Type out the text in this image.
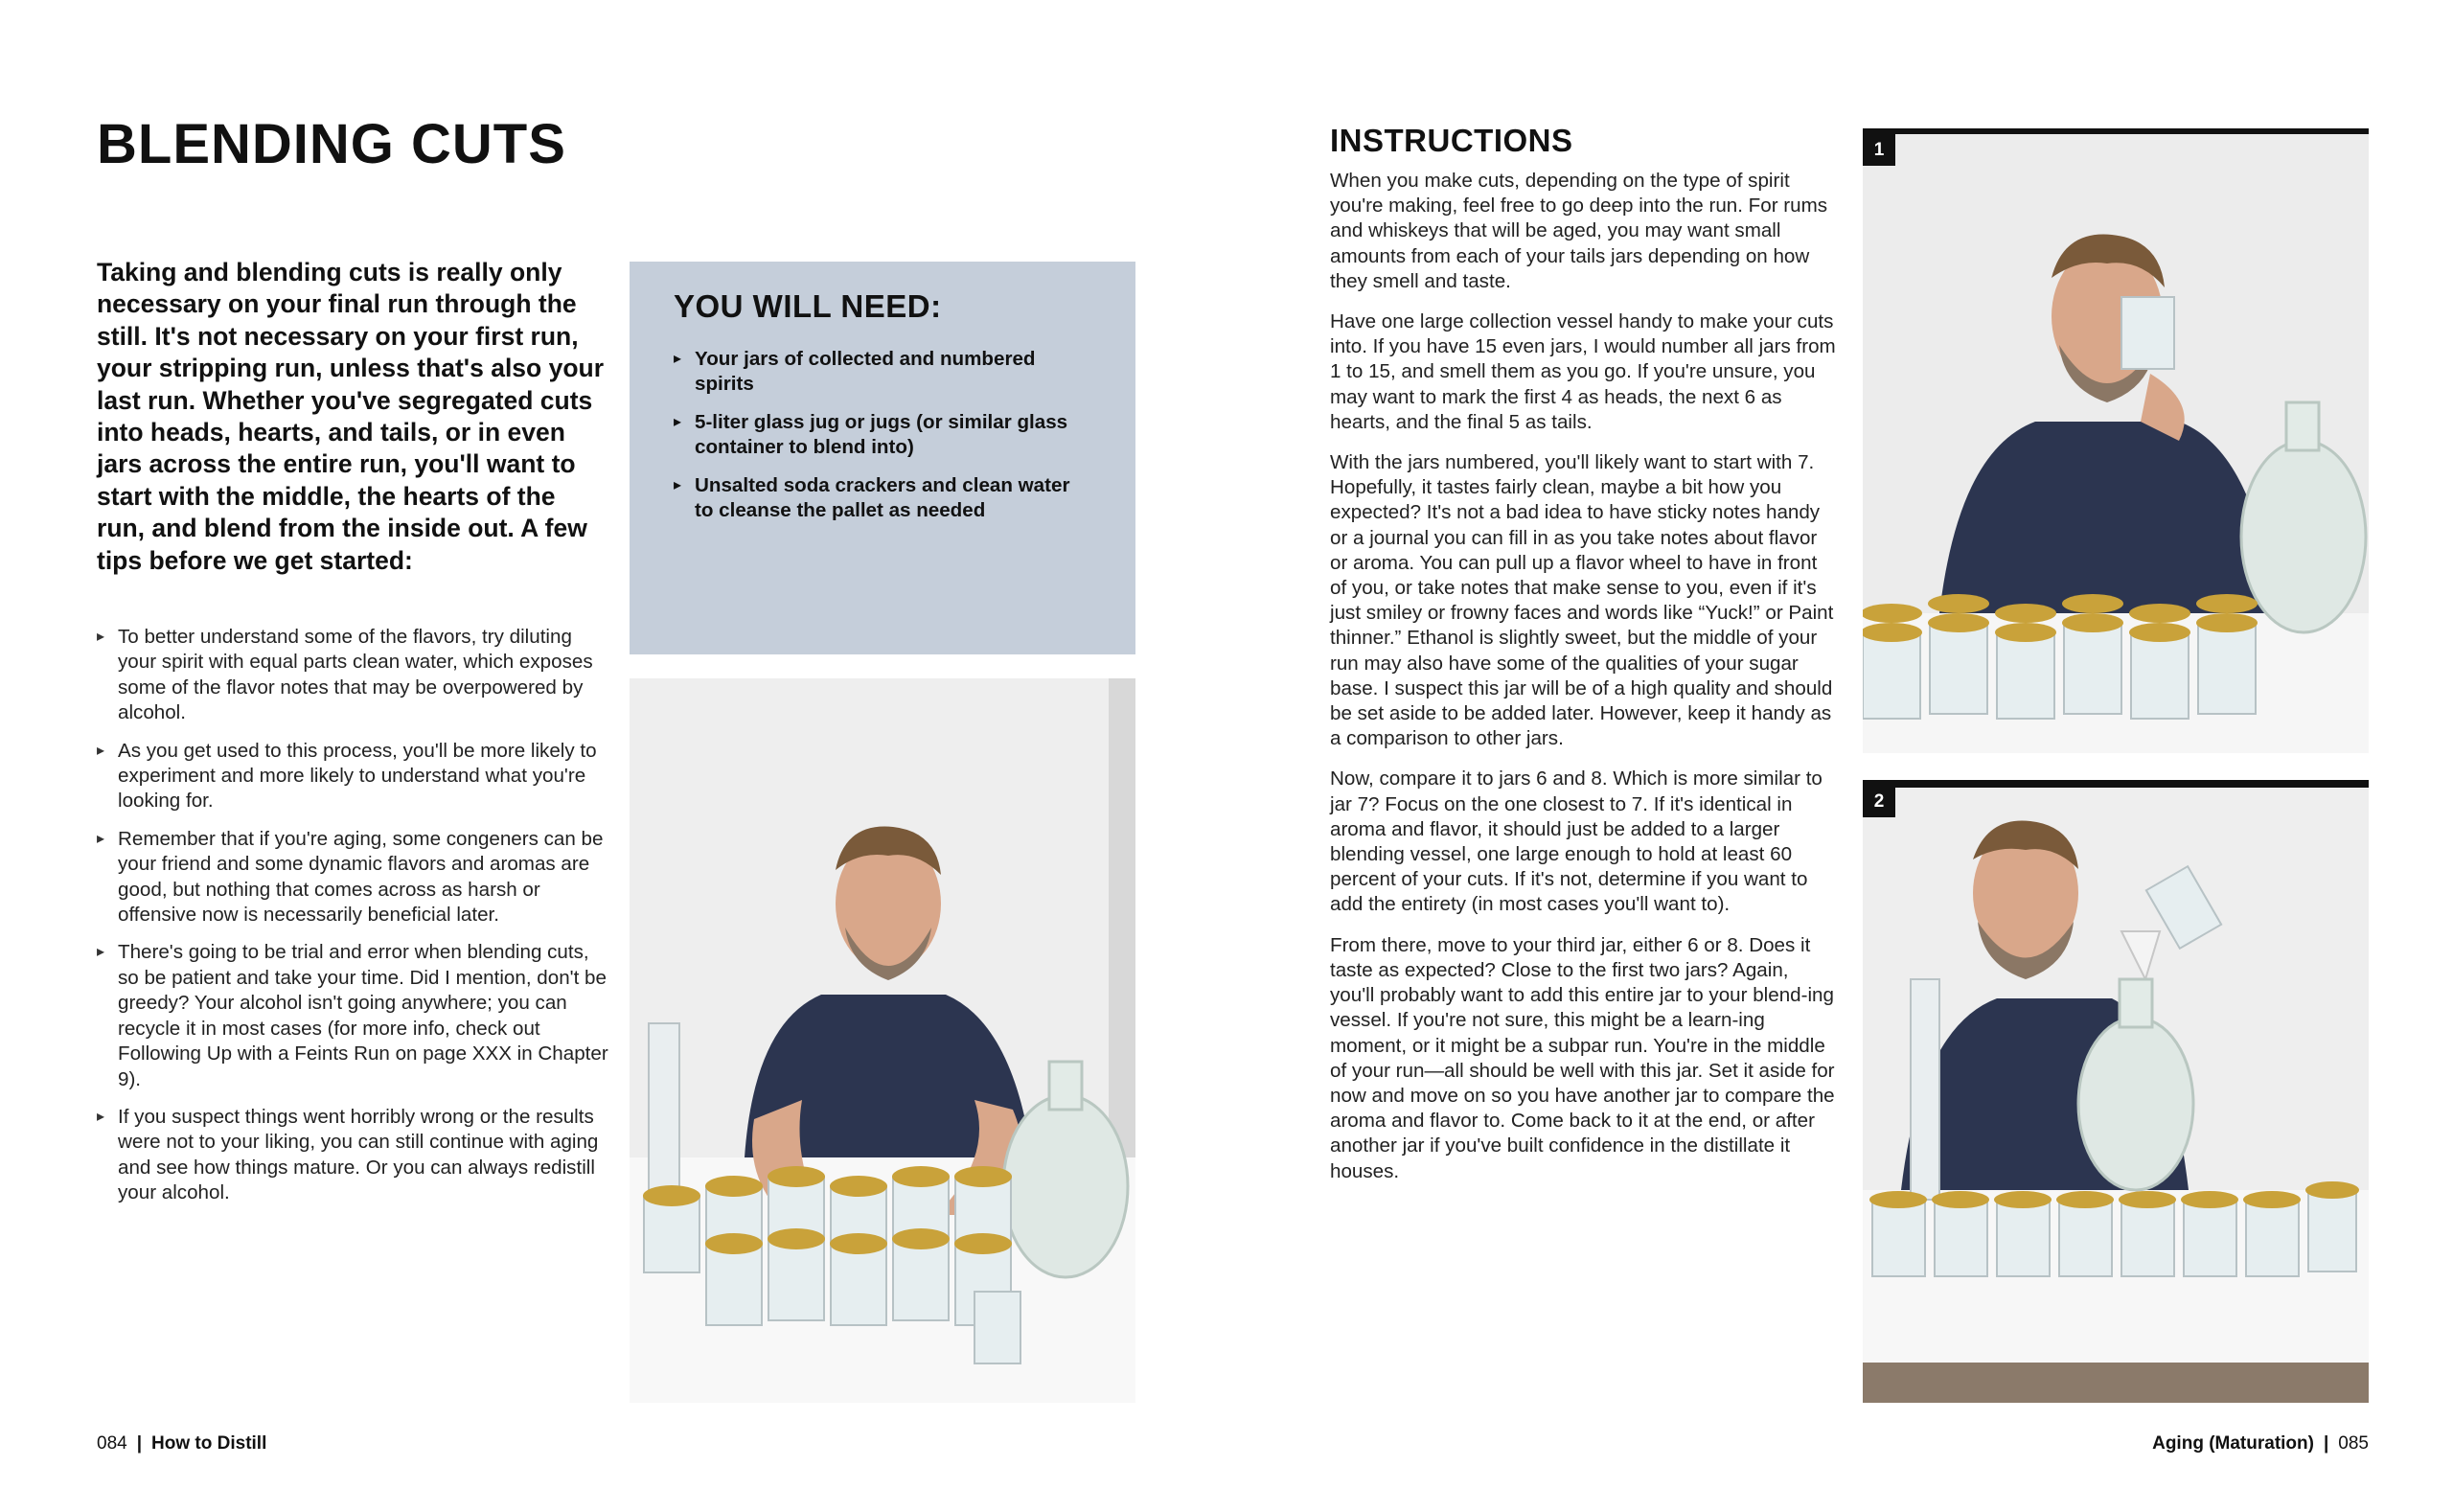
BLENDING CUTS

Taking and blending cuts is really only necessary on your final run through the still. It's not necessary on your first run, your stripping run, unless that's also your last run. Whether you've segregated cuts into heads, hearts, and tails, or in even jars across the entire run, you'll want to start with the middle, the hearts of the run, and blend from the inside out. A few tips before we get started:

▸ To better understand some of the flavors, try diluting your spirit with equal parts clean water, which exposes some of the flavor notes that may be overpowered by alcohol.
▸ As you get used to this process, you'll be more likely to experiment and more likely to understand what you're looking for.
▸ Remember that if you're aging, some congeners can be your friend and some dynamic flavors and aromas are good, but nothing that comes across as harsh or offensive now is necessarily beneficial later.
▸ There's going to be trial and error when blending cuts, so be patient and take your time. Did I mention, don't be greedy? Your alcohol isn't going anywhere; you can recycle it in most cases (for more info, check out Following Up with a Feints Run on page XXX in Chapter 9).
▸ If you suspect things went horribly wrong or the results were not to your liking, you can still continue with aging and see how things mature. Or you can always redistill your alcohol.
YOU WILL NEED:
▸ Your jars of collected and numbered spirits
▸ 5-liter glass jug or jugs (or similar glass container to blend into)
▸ Unsalted soda crackers and clean water to cleanse the pallet as needed
INSTRUCTIONS

When you make cuts, depending on the type of spirit you're making, feel free to go deep into the run. For rums and whiskeys that will be aged, you may want small amounts from each of your tails jars depending on how they smell and taste.

Have one large collection vessel handy to make your cuts into. If you have 15 even jars, I would number all jars from 1 to 15, and smell them as you go. If you're unsure, you may want to mark the first 4 as heads, the next 6 as hearts, and the final 5 as tails.

With the jars numbered, you'll likely want to start with 7. Hopefully, it tastes fairly clean, maybe a bit how you expected? It's not a bad idea to have sticky notes handy or a journal you can fill in as you take notes about flavor or aroma. You can pull up a flavor wheel to have in front of you, or take notes that make sense to you, even if it's just smiley or frowny faces and words like “Yuck!” or Paint thinner.” Ethanol is slightly sweet, but the middle of your run may also have some of the qualities of your sugar base. I suspect this jar will be of a high quality and should be set aside to be added later. However, keep it handy as a comparison to other jars.

Now, compare it to jars 6 and 8. Which is more similar to jar 7? Focus on the one closest to 7. If it's identical in aroma and flavor, it should just be added to a larger blending vessel, one large enough to hold at least 60 percent of your cuts. If it's not, determine if you want to add the entirety (in most cases you'll want to).

From there, move to your third jar, either 6 or 8. Does it taste as expected? Close to the first two jars? Again, you'll probably want to add this entire jar to your blend-ing vessel. If you're not sure, this might be a learn-ing moment, or it might be a subpar run. You're in the middle of your run—all should be well with this jar. Set it aside for now and move on so you have another jar to compare the aroma and flavor to. Come back to it at the end, or after another jar if you've built confidence in the distillate it houses.

1
2
084 | How to Distill	Aging (Maturation) | 085
